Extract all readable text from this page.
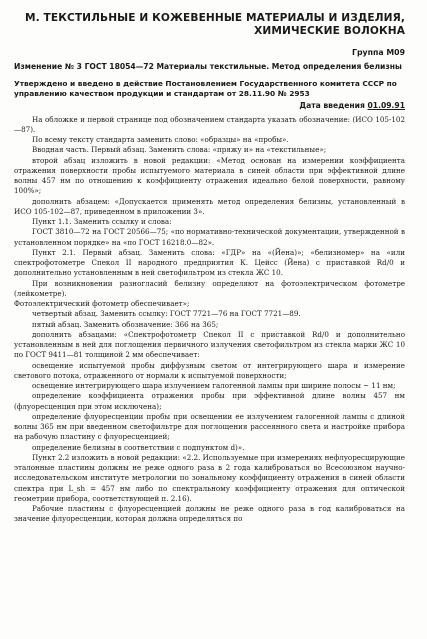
М. ТЕКСТИЛЬНЫЕ И КОЖЕВЕННЫЕ МАТЕРИАЛЫ И ИЗДЕЛИЯ, ХИМИЧЕСКИЕ ВОЛОКНА
Группа М09
Изменение № 3 ГОСТ 18054—72 Материалы текстильные. Метод определения белизны
Утверждено и введено в действие Постановлением Государственного комитета СССР по управлению качеством продукции и стандартам от 28.11.90 № 2953
Дата введения 01.09.91

На обложке и первой странице под обозначением стандарта указать обозначение: (ИСО 105-102—87).

По всему тексту стандарта заменить слово: «образцы» на «пробы».

Вводная часть. Первый абзац. Заменить слова: «пряжу и» на «текстильные»;

второй абзац изложить в новой редакции: «Метод основан на измерении коэффициента отражения поверхности пробы испытуемого материала в синей области при эффективной длине волны 457 нм по отношению к коэффициенту отражения идеально белой поверхности, равному 100%»;

дополнить абзацем: «Допускается применять метод определения белизны, установленный в ИСО 105-102—87, приведенном в приложении 3».

Пункт 1.1. Заменить ссылку и слова:

ГОСТ 3810—72 на ГОСТ 20566—75; «по нормативно-технической документации, утвержденной в установленном порядке» на «по ГОСТ 16218.0—82».

Пункт 2.1. Первый абзац. Заменить слова: «ГДР» на «(Йена)»; «белизномер» на «или спектрофотометре Спекол II народного предприятия К. Цейсс (Йена) с приставкой Rd/0 и дополнительно установленным в ней светофильтром из стекла ЖС 10.

При возникновении разногласий белизну определяют на фотоэлектрическом фотометре (лейкометре).

Фотоэлектрический фотометр обеспечивает»;

четвертый абзац. Заменить ссылку: ГОСТ 7721—76 на ГОСТ 7721—89.

пятый абзац. Заменить обозначение: 366 на 365;

дополнить абзацами: «Спектрофотометр Спекол II с приставкой Rd/0 и дополнительно установленным в ней для поглощения первичного излучения светофильтром из стекла марки ЖС 10 по ГОСТ 9411—81 толщиной 2 мм обеспечивает:

освещение испытуемой пробы диффузным светом от интегрирующего шара и измерение светового потока, отраженного от нормали к испытуемой поверхности;

освещение интегрирующего шара излучением галогенной лампы при ширине полосы ~ 11 нм;

определение коэффициента отражения пробы при эффективной длине волны 457 нм (флуоресценция при этом исключена);

определение флуоресценции пробы при освещении ее излучением галогенной лампы с длиной волны 365 нм при введенном светофильтре для поглощения рассеянного света и настройке прибора на рабочую пластину с флуоресценцией;

определение белизны в соответствии с подпунктом d)».

Пункт 2.2 изложить в новой редакции: «2.2. Используемые при измерениях нефлуоресцирующие эталонные пластины должны не реже одного раза в 2 года калиброваться во Всесоюзном научно-исследовательском институте метрологии по зональному коэффициенту отражения в синей области спектра при L_sh = 457 нм либо по спектральному коэффициенту отражения для оптической геометрии прибора, соответствующей п. 2.16).

Рабочие пластины с флуоресценцией должны не реже одного раза в год калиброваться на значение флуоресценции, которая должна определяться по
